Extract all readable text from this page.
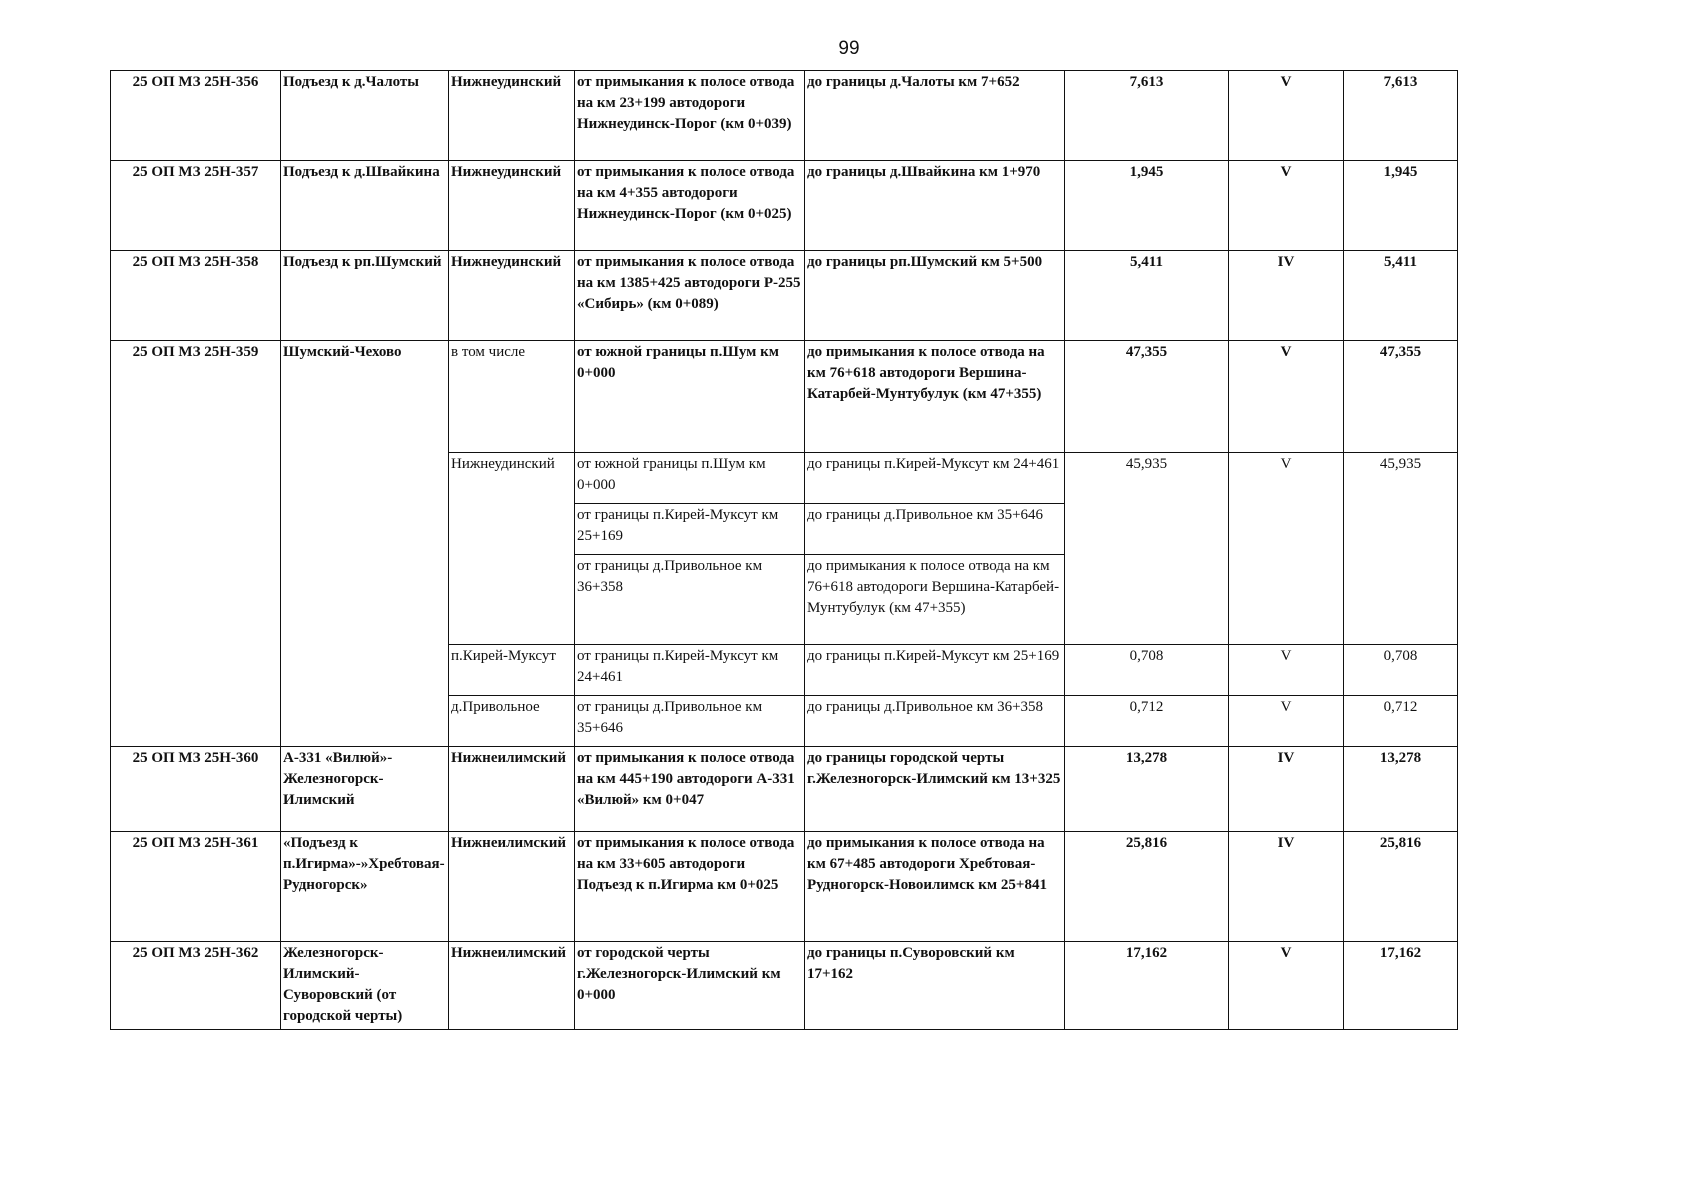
99
25 ОП МЗ 25Н-356	Подъезд к д.Чалоты	Нижнеудинский	от примыкания к полосе отвода на км 23+199 автодороги Нижнеудинск-Порог (км 0+039)	до границы д.Чалоты км 7+652	7,613	V	7,613
25 ОП МЗ 25Н-357	Подъезд к д.Швайкина	Нижнеудинский	от примыкания к полосе отвода на км 4+355 автодороги Нижнеудинск-Порог (км 0+025)	до границы д.Швайкина км 1+970	1,945	V	1,945
25 ОП МЗ 25Н-358	Подъезд к рп.Шумский	Нижнеудинский	от примыкания к полосе отвода на км 1385+425 автодороги Р-255 «Сибирь» (км 0+089)	до границы рп.Шумский км 5+500	5,411	IV	5,411
25 ОП МЗ 25Н-359	Шумский-Чехово	в том числе	от южной границы п.Шум км 0+000	до примыкания к полосе отвода на км 76+618 автодороги Вершина-Катарбей-Мунтубулук (км 47+355)	47,355	V	47,355
		Нижнеудинский	от южной границы п.Шум км 0+000	до границы п.Кирей-Муксут км 24+461	45,935	V	45,935
			от границы п.Кирей-Муксут км 25+169	до границы д.Привольное км 35+646			
			от границы д.Привольное км 36+358	до примыкания к полосе отвода на км 76+618 автодороги Вершина-Катарбей-Мунтубулук (км 47+355)			
		п.Кирей-Муксут	от границы п.Кирей-Муксут км 24+461	до границы п.Кирей-Муксут км 25+169	0,708	V	0,708
		д.Привольное	от границы д.Привольное км 35+646	до границы д.Привольное км 36+358	0,712	V	0,712
25 ОП МЗ 25Н-360	А-331 «Вилюй»-Железногорск-Илимский	Нижнеилимский	от примыкания к полосе отвода на км 445+190 автодороги А-331 «Вилюй» км 0+047	до границы городской черты г.Железногорск-Илимский км 13+325	13,278	IV	13,278
25 ОП МЗ 25Н-361	«Подъезд к п.Игирма»-»Хребтовая-Рудногорск»	Нижнеилимский	от примыкания к полосе отвода на км 33+605 автодороги Подъезд к п.Игирма км 0+025	до примыкания к полосе отвода на км 67+485 автодороги Хребтовая-Рудногорск-Новоилимск км 25+841	25,816	IV	25,816
25 ОП МЗ 25Н-362	Железногорск-Илимский-Суворовский (от городской черты)	Нижнеилимский	от городской черты г.Железногорск-Илимский км 0+000	до границы п.Суворовский км 17+162	17,162	V	17,162
